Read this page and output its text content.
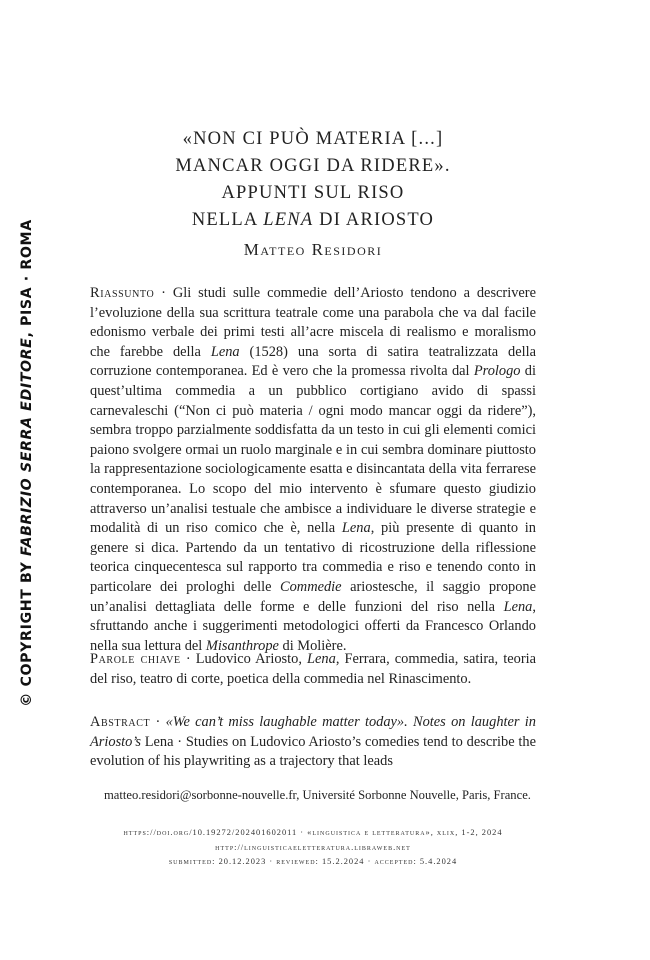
© COPYRIGHT BY FABRIZIO SERRA EDITORE, PISA · ROMA
«NON CI PUÒ MATERIA [...]
MANCAR OGGI DA RIDERE».
APPUNTI SUL RISO
NELLA LENA DI ARIOSTO
Matteo Residori
Riassunto · Gli studi sulle commedie dell’Ariosto tendono a descrivere l’evoluzione della sua scrittura teatrale come una parabola che va dal facile edonismo verbale dei primi testi all’acre miscela di realismo e moralismo che farebbe della Lena (1528) una sorta di satira teatralizzata della corruzione contemporanea. Ed è vero che la promessa rivolta dal Prologo di quest’ultima commedia a un pubblico cortigiano avido di spassi carnevaleschi (“Non ci può materia / ogni modo mancar oggi da ridere”), sembra troppo parzialmente soddisfatta da un testo in cui gli elementi comici paiono svolgere ormai un ruolo marginale e in cui sembra dominare piuttosto la rappresentazione sociologicamente esatta e disincantata della vita ferrarese contemporanea. Lo scopo del mio intervento è sfumare questo giudizio attraverso un’analisi testuale che ambisce a individuare le diverse strategie e modalità di un riso comico che è, nella Lena, più presente di quanto in genere si dica. Partendo da un tentativo di ricostruzione della riflessione teorica cinquecentesca sul rapporto tra commedia e riso e tenendo conto in particolare dei prologhi delle Commedie ariostesche, il saggio propone un’analisi dettagliata delle forme e delle funzioni del riso nella Lena, sfruttando anche i suggerimenti metodologici offerti da Francesco Orlando nella sua lettura del Misanthrope di Molière.
Parole chiave · Ludovico Ariosto, Lena, Ferrara, commedia, satira, teoria del riso, teatro di corte, poetica della commedia nel Rinascimento.
Abstract · «We can’t miss laughable matter today». Notes on laughter in Ariosto’s Lena · Studies on Ludovico Ariosto’s comedies tend to describe the evolution of his playwriting as a trajectory that leads
matteo.residori@sorbonne-nouvelle.fr, Université Sorbonne Nouvelle, Paris, France.
https://doi.org/10.19272/202401602011 · «linguistica e letteratura», xlix, 1-2, 2024
http://linguisticaeletteratura.libraweb.net
submitted: 20.12.2023 · reviewed: 15.2.2024 · accepted: 5.4.2024
